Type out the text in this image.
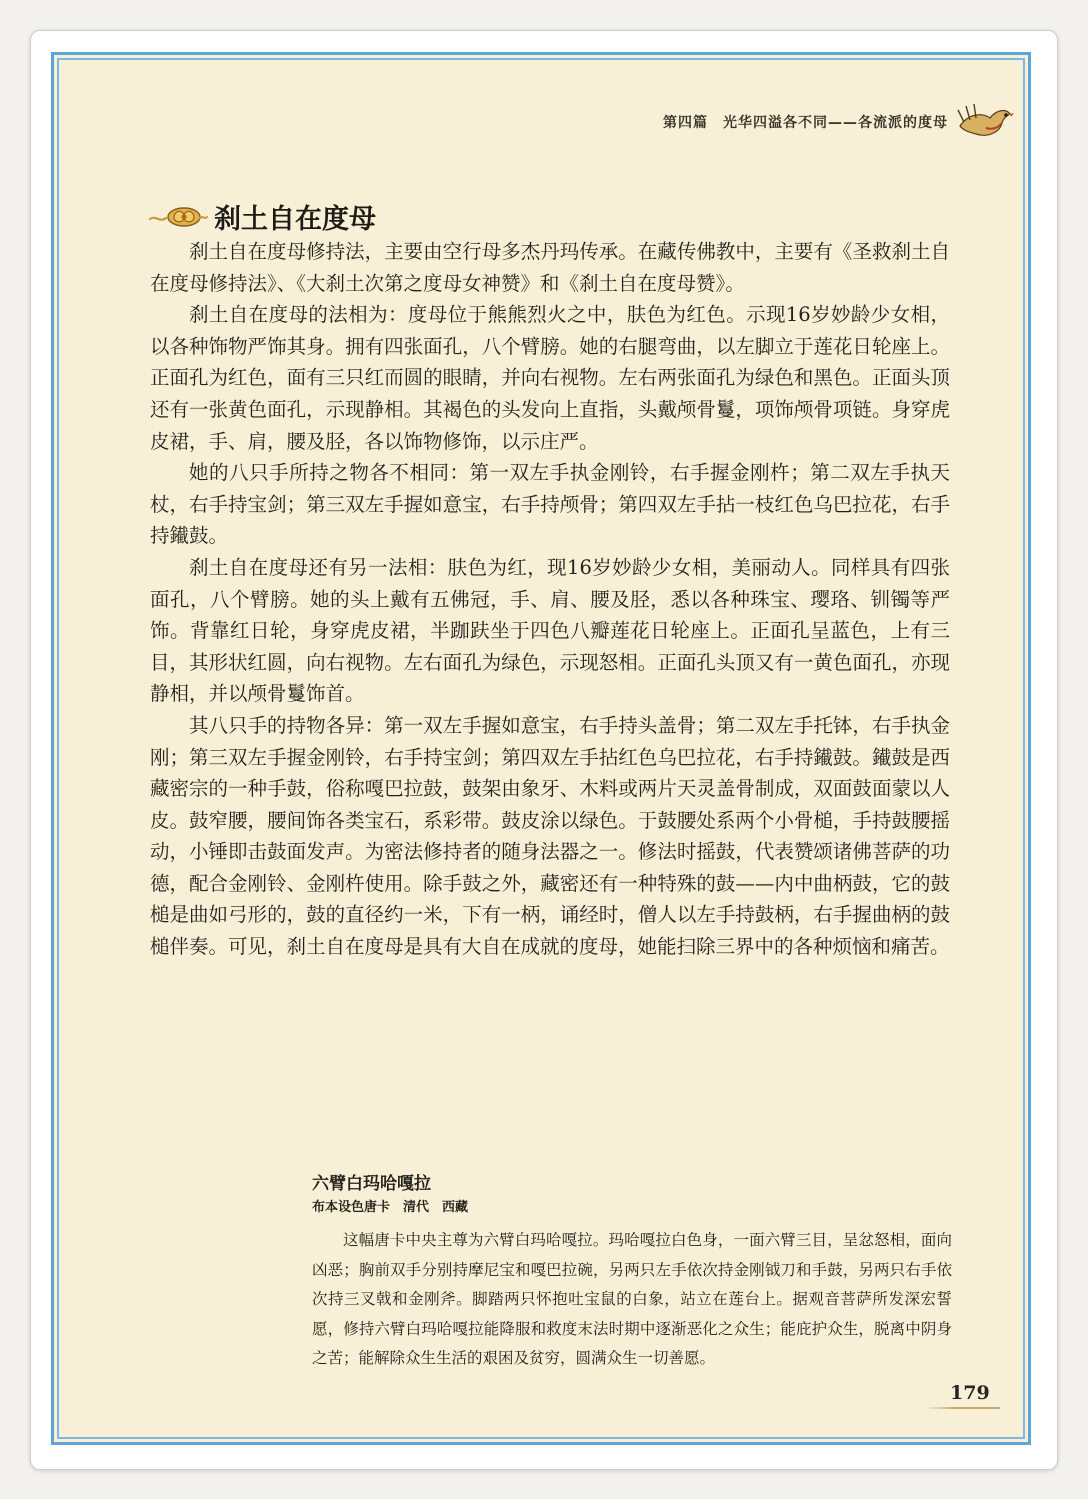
第四篇　光华四溢各不同——各流派的度母
刹土自在度母

刹土自在度母修持法，主要由空行母多杰丹玛传承。在藏传佛教中，主要有《圣救刹土自在度母修持法》、《大刹土次第之度母女神赞》和《刹土自在度母赞》。

刹土自在度母的法相为：度母位于熊熊烈火之中，肤色为红色。示现16岁妙龄少女相，以各种饰物严饰其身。拥有四张面孔，八个臂膀。她的右腿弯曲，以左脚立于莲花日轮座上。正面孔为红色，面有三只红而圆的眼睛，并向右视物。左右两张面孔为绿色和黑色。正面头顶还有一张黄色面孔，示现静相。其褐色的头发向上直指，头戴颅骨鬘，项饰颅骨项链。身穿虎皮裙，手、肩，腰及胫，各以饰物修饰，以示庄严。

她的八只手所持之物各不相同：第一双左手执金刚铃，右手握金刚杵；第二双左手执天杖，右手持宝剑；第三双左手握如意宝，右手持颅骨；第四双左手拈一枝红色乌巴拉花，右手持䥫鼓。

刹土自在度母还有另一法相：肤色为红，现16岁妙龄少女相，美丽动人。同样具有四张面孔，八个臂膀。她的头上戴有五佛冠，手、肩、腰及胫，悉以各种珠宝、璎珞、钏镯等严饰。背靠红日轮，身穿虎皮裙，半跏趺坐于四色八瓣莲花日轮座上。正面孔呈蓝色，上有三目，其形状红圆，向右视物。左右面孔为绿色，示现怒相。正面孔头顶又有一黄色面孔，亦现静相，并以颅骨鬘饰首。

其八只手的持物各异：第一双左手握如意宝，右手持头盖骨；第二双左手托钵，右手执金刚；第三双左手握金刚铃，右手持宝剑；第四双左手拈红色乌巴拉花，右手持䥫鼓。䥫鼓是西藏密宗的一种手鼓，俗称嘎巴拉鼓，鼓架由象牙、木料或两片天灵盖骨制成，双面鼓面蒙以人皮。鼓窄腰，腰间饰各类宝石，系彩带。鼓皮涂以绿色。于鼓腰处系两个小骨槌，手持鼓腰摇动，小锤即击鼓面发声。为密法修持者的随身法器之一。修法时摇鼓，代表赞颂诸佛菩萨的功德，配合金刚铃、金刚杵使用。除手鼓之外，藏密还有一种特殊的鼓——内中曲柄鼓，它的鼓槌是曲如弓形的，鼓的直径约一米，下有一柄，诵经时，僧人以左手持鼓柄，右手握曲柄的鼓槌伴奏。可见，刹土自在度母是具有大自在成就的度母，她能扫除三界中的各种烦恼和痛苦。

六臂白玛哈嘎拉
布本设色唐卡　清代　西藏

这幅唐卡中央主尊为六臂白玛哈嘎拉。玛哈嘎拉白色身，一面六臂三目，呈忿怒相，面向凶恶；胸前双手分别持摩尼宝和嘎巴拉碗，另两只左手依次持金刚钺刀和手鼓，另两只右手依次持三叉戟和金刚斧。脚踏两只怀抱吐宝鼠的白象，站立在莲台上。据观音菩萨所发深宏誓愿，修持六臂白玛哈嘎拉能降服和救度末法时期中逐渐恶化之众生；能庇护众生，脱离中阴身之苦；能解除众生生活的艰困及贫穷，圆满众生一切善愿。

179
